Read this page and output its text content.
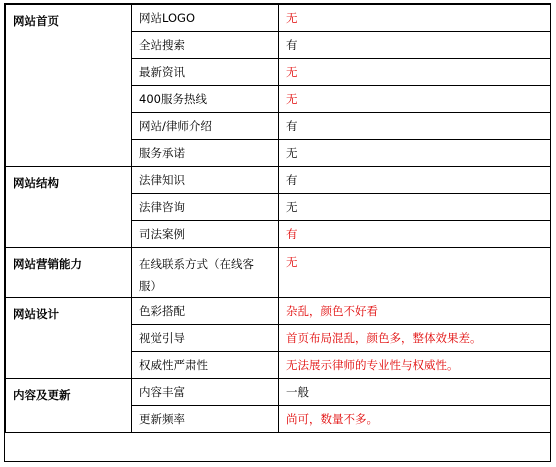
网站首页	网站LOGO	无
	全站搜索	有
	最新资讯	无
	400服务热线	无
	网站/律师介绍	有
	服务承诺	无
网站结构	法律知识	有
	法律咨询	无
	司法案例	有
网站营销能力	在线联系方式（在线客服）	无
网站设计	色彩搭配	杂乱，颜色不好看
	视觉引导	首页布局混乱，颜色多，整体效果差。
	权威性严肃性	无法展示律师的专业性与权威性。
内容及更新	内容丰富	一般
	更新频率	尚可，数量不多。
